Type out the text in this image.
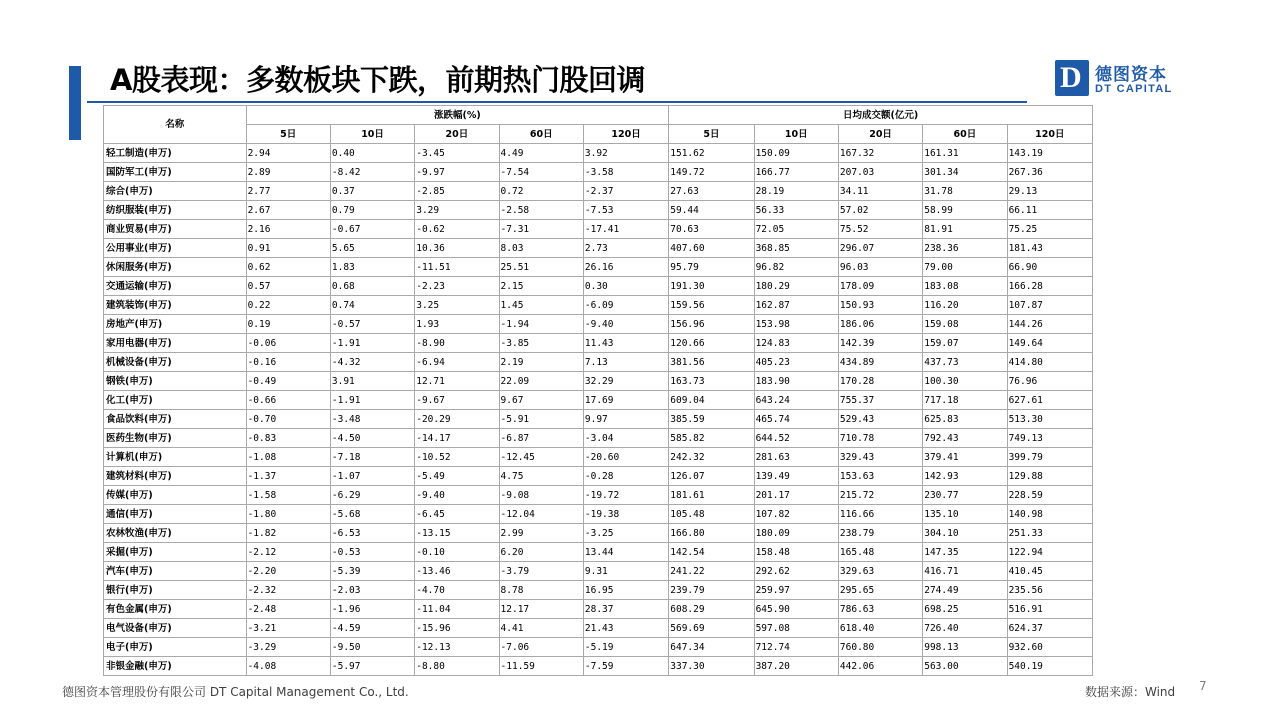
A股表现：多数板块下跌，前期热门股回调	D 德图资本
DT CAPITAL
名称	涨跌幅(%)					日均成交额(亿元)				
	5日	10日	20日	60日	120日	5日	10日	20日	60日	120日
轻工制造(申万)	2.94	0.40	-3.45	4.49	3.92	151.62	150.09	167.32	161.31	143.19
国防军工(申万)	2.89	-8.42	-9.97	-7.54	-3.58	149.72	166.77	207.03	301.34	267.36
综合(申万)	2.77	0.37	-2.85	0.72	-2.37	27.63	28.19	34.11	31.78	29.13
纺织服装(申万)	2.67	0.79	3.29	-2.58	-7.53	59.44	56.33	57.02	58.99	66.11
商业贸易(申万)	2.16	-0.67	-0.62	-7.31	-17.41	70.63	72.05	75.52	81.91	75.25
公用事业(申万)	0.91	5.65	10.36	8.03	2.73	407.60	368.85	296.07	238.36	181.43
休闲服务(申万)	0.62	1.83	-11.51	25.51	26.16	95.79	96.82	96.03	79.00	66.90
交通运输(申万)	0.57	0.68	-2.23	2.15	0.30	191.30	180.29	178.09	183.08	166.28
建筑装饰(申万)	0.22	0.74	3.25	1.45	-6.09	159.56	162.87	150.93	116.20	107.87
房地产(申万)	0.19	-0.57	1.93	-1.94	-9.40	156.96	153.98	186.06	159.08	144.26
家用电器(申万)	-0.06	-1.91	-8.90	-3.85	11.43	120.66	124.83	142.39	159.07	149.64
机械设备(申万)	-0.16	-4.32	-6.94	2.19	7.13	381.56	405.23	434.89	437.73	414.80
钢铁(申万)	-0.49	3.91	12.71	22.09	32.29	163.73	183.90	170.28	100.30	76.96
化工(申万)	-0.66	-1.91	-9.67	9.67	17.69	609.04	643.24	755.37	717.18	627.61
食品饮料(申万)	-0.70	-3.48	-20.29	-5.91	9.97	385.59	465.74	529.43	625.83	513.30
医药生物(申万)	-0.83	-4.50	-14.17	-6.87	-3.04	585.82	644.52	710.78	792.43	749.13
计算机(申万)	-1.08	-7.18	-10.52	-12.45	-20.60	242.32	281.63	329.43	379.41	399.79
建筑材料(申万)	-1.37	-1.07	-5.49	4.75	-0.28	126.07	139.49	153.63	142.93	129.88
传媒(申万)	-1.58	-6.29	-9.40	-9.08	-19.72	181.61	201.17	215.72	230.77	228.59
通信(申万)	-1.80	-5.68	-6.45	-12.04	-19.38	105.48	107.82	116.66	135.10	140.98
农林牧渔(申万)	-1.82	-6.53	-13.15	2.99	-3.25	166.80	180.09	238.79	304.10	251.33
采掘(申万)	-2.12	-0.53	-0.10	6.20	13.44	142.54	158.48	165.48	147.35	122.94
汽车(申万)	-2.20	-5.39	-13.46	-3.79	9.31	241.22	292.62	329.63	416.71	410.45
银行(申万)	-2.32	-2.03	-4.70	8.78	16.95	239.79	259.97	295.65	274.49	235.56
有色金属(申万)	-2.48	-1.96	-11.04	12.17	28.37	608.29	645.90	786.63	698.25	516.91
电气设备(申万)	-3.21	-4.59	-15.96	4.41	21.43	569.69	597.08	618.40	726.40	624.37
电子(申万)	-3.29	-9.50	-12.13	-7.06	-5.19	647.34	712.74	760.80	998.13	932.60
非银金融(申万)	-4.08	-5.97	-8.80	-11.59	-7.59	337.30	387.20	442.06	563.00	540.19
德图资本管理股份有限公司 DT Capital Management Co., Ltd.	数据来源：Wind 7
